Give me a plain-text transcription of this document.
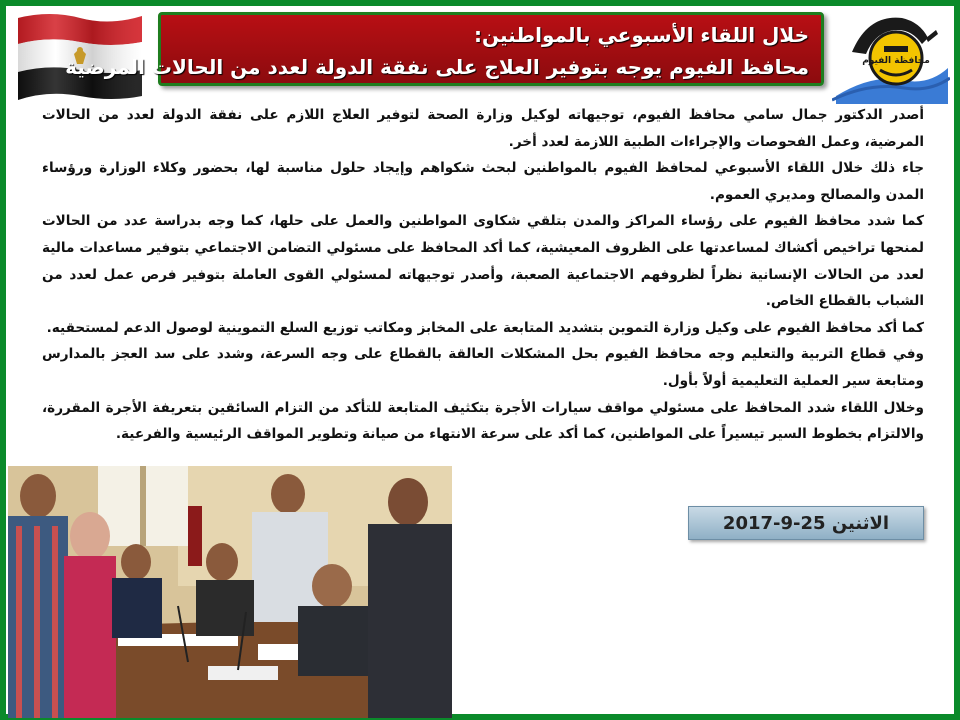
خلال اللقاء الأسبوعي بالمواطنين:
محافظ الفيوم يوجه بتوفير العلاج على نفقة الدولة لعدد من الحالات المرضية	محافظة الفيوم

أصدر الدكتور جمال سامي محافظ الفيوم، توجيهاته لوكيل وزارة الصحة لتوفير العلاج اللازم على نفقة الدولة لعدد من الحالات المرضية، وعمل الفحوصات والإجراءات الطبية اللازمة لعدد أخر.

جاء ذلك خلال اللقاء الأسبوعي لمحافظ الفيوم بالمواطنين لبحث شكواهم وإيجاد حلول مناسبة لها، بحضور وكلاء الوزارة ورؤساء المدن والمصالح ومديري العموم.

كما شدد محافظ الفيوم على رؤساء المراكز والمدن بتلقي شكاوى المواطنين والعمل على حلها، كما وجه بدراسة عدد من الحالات لمنحها تراخيص أكشاك لمساعدتها على الظروف المعيشية، كما أكد المحافظ على مسئولي التضامن الاجتماعي بتوفير مساعدات مالية لعدد من الحالات الإنسانية نظراً لظروفهم الاجتماعية الصعبة، وأصدر توجيهاته لمسئولي القوى العاملة بتوفير فرص عمل لعدد من الشباب بالقطاع الخاص.

كما أكد محافظ الفيوم على وكيل وزارة التموين بتشديد المتابعة على المخابز ومكاتب توزيع السلع التموينية لوصول الدعم لمستحقيه.

وفي قطاع التربية والتعليم وجه محافظ الفيوم بحل المشكلات العالقة بالقطاع على وجه السرعة، وشدد على سد العجز بالمدارس ومتابعة سير العملية التعليمية أولاً بأول.

وخلال اللقاء شدد المحافظ على مسئولي مواقف سيارات الأجرة بتكثيف المتابعة للتأكد من التزام السائقين بتعريفة الأجرة المقررة، والالتزام بخطوط السير تيسيراً على المواطنين، كما أكد على سرعة الانتهاء من صيانة وتطوير المواقف الرئيسية والفرعية.

الاثنين 25-9-2017
